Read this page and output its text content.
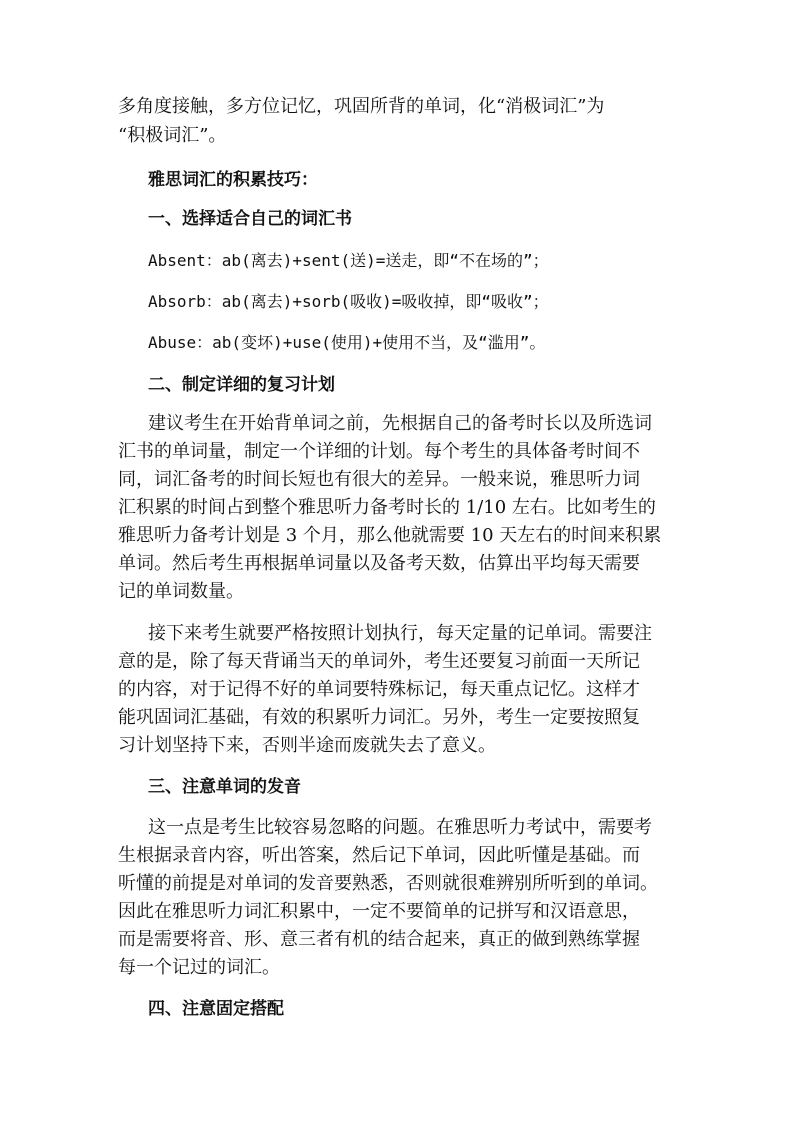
多角度接触，多方位记忆，巩固所背的单词，化“消极词汇”为
“积极词汇”。
雅思词汇的积累技巧：
一、选择适合自己的词汇书
Absent：ab(离去)+sent(送)=送走，即“不在场的”；
Absorb：ab(离去)+sorb(吸收)=吸收掉，即“吸收”；
Abuse：ab(变坏)+use(使用)+使用不当，及“滥用”。
二、制定详细的复习计划
建议考生在开始背单词之前，先根据自己的备考时长以及所选词
汇书的单词量，制定一个详细的计划。每个考生的具体备考时间不
同，词汇备考的时间长短也有很大的差异。一般来说，雅思听力词
汇积累的时间占到整个雅思听力备考时长的 1/10 左右。比如考生的
雅思听力备考计划是 3 个月，那么他就需要 10 天左右的时间来积累
单词。然后考生再根据单词量以及备考天数，估算出平均每天需要
记的单词数量。
接下来考生就要严格按照计划执行，每天定量的记单词。需要注
意的是，除了每天背诵当天的单词外，考生还要复习前面一天所记
的内容，对于记得不好的单词要特殊标记，每天重点记忆。这样才
能巩固词汇基础，有效的积累听力词汇。另外，考生一定要按照复
习计划坚持下来，否则半途而废就失去了意义。
三、注意单词的发音
这一点是考生比较容易忽略的问题。在雅思听力考试中，需要考
生根据录音内容，听出答案，然后记下单词，因此听懂是基础。而
听懂的前提是对单词的发音要熟悉，否则就很难辨别所听到的单词。
因此在雅思听力词汇积累中，一定不要简单的记拼写和汉语意思，
而是需要将音、形、意三者有机的结合起来，真正的做到熟练掌握
每一个记过的词汇。
四、注意固定搭配
